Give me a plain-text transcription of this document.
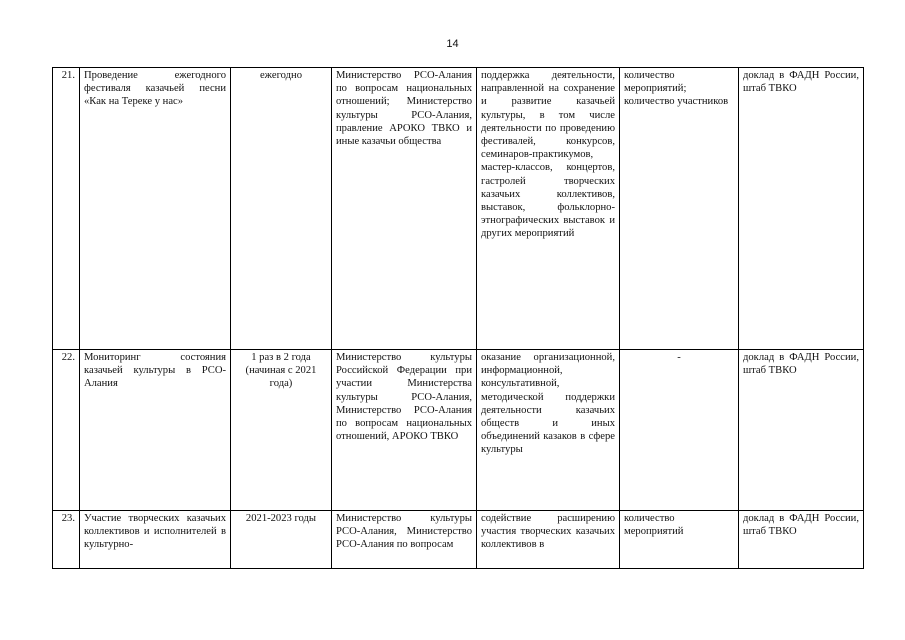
14
21.	Проведение ежегодного фестиваля казачьей песни «Как на Тереке у нас»	ежегодно	Министерство РСО-Алания по вопросам национальных отношений; Министерство культуры РСО-Алания, правление АРОКО ТВКО и иные казачьи общества	поддержка деятельности, направленной на сохранение и развитие казачьей культуры, в том числе деятельности по проведению фестивалей, конкурсов, семинаров-практикумов, мастер-классов, концертов, гастролей творческих казачьих коллективов, выставок, фольклорно-этнографических выставок и других мероприятий	количество мероприятий; количество участников	доклад в ФАДН России, штаб ТВКО
22.	Мониторинг состояния казачьей культуры в РСО-Алания	1 раз в 2 года (начиная с 2021 года)	Министерство культуры Российской Федерации при участии Министерства культуры РСО-Алания, Министерство РСО-Алания по вопросам национальных отношений, АРОКО ТВКО	оказание организационной, информационной, консультативной, методической поддержки деятельности казачьих обществ и иных объединений казаков в сфере культуры	-	доклад в ФАДН России, штаб ТВКО
23.	Участие творческих казачьих коллективов и исполнителей в культурно-	2021-2023 годы	Министерство культуры РСО-Алания, Министерство РСО-Алания по вопросам	содействие расширению участия творческих казачьих коллективов в	количество мероприятий	доклад в ФАДН России, штаб ТВКО
